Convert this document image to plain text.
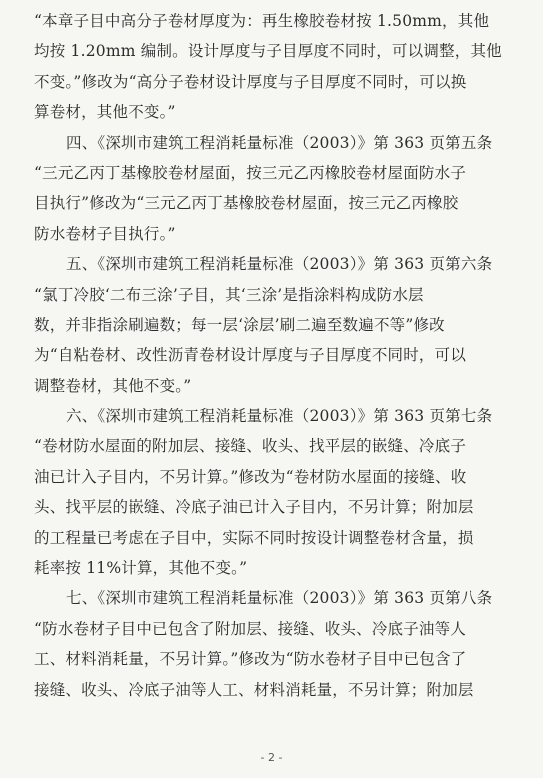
“本章子目中高分子卷材厚度为：再生橡胶卷材按 1.50mm，其他
均按 1.20mm 编制。设计厚度与子目厚度不同时，可以调整，其他
不变。”修改为“高分子卷材设计厚度与子目厚度不同时，可以换
算卷材，其他不变。”
四、《深圳市建筑工程消耗量标准（2003）》第 363 页第五条
“三元乙丙丁基橡胶卷材屋面，按三元乙丙橡胶卷材屋面防水子
目执行”修改为“三元乙丙丁基橡胶卷材屋面，按三元乙丙橡胶
防水卷材子目执行。”
五、《深圳市建筑工程消耗量标准（2003）》第 363 页第六条
“氯丁冷胶‘二布三涂’子目，其‘三涂’是指涂料构成防水层
数，并非指涂刷遍数；每一层‘涂层’刷二遍至数遍不等”修改
为“自粘卷材、改性沥青卷材设计厚度与子目厚度不同时，可以
调整卷材，其他不变。”
六、《深圳市建筑工程消耗量标准（2003）》第 363 页第七条
“卷材防水屋面的附加层、接缝、收头、找平层的嵌缝、冷底子
油已计入子目内，不另计算。”修改为“卷材防水屋面的接缝、收
头、找平层的嵌缝、冷底子油已计入子目内，不另计算；附加层
的工程量已考虑在子目中，实际不同时按设计调整卷材含量，损
耗率按 11%计算，其他不变。”
七、《深圳市建筑工程消耗量标准（2003）》第 363 页第八条
“防水卷材子目中已包含了附加层、接缝、收头、冷底子油等人
工、材料消耗量，不另计算。”修改为“防水卷材子目中已包含了
接缝、收头、冷底子油等人工、材料消耗量，不另计算；附加层
- 2 -
